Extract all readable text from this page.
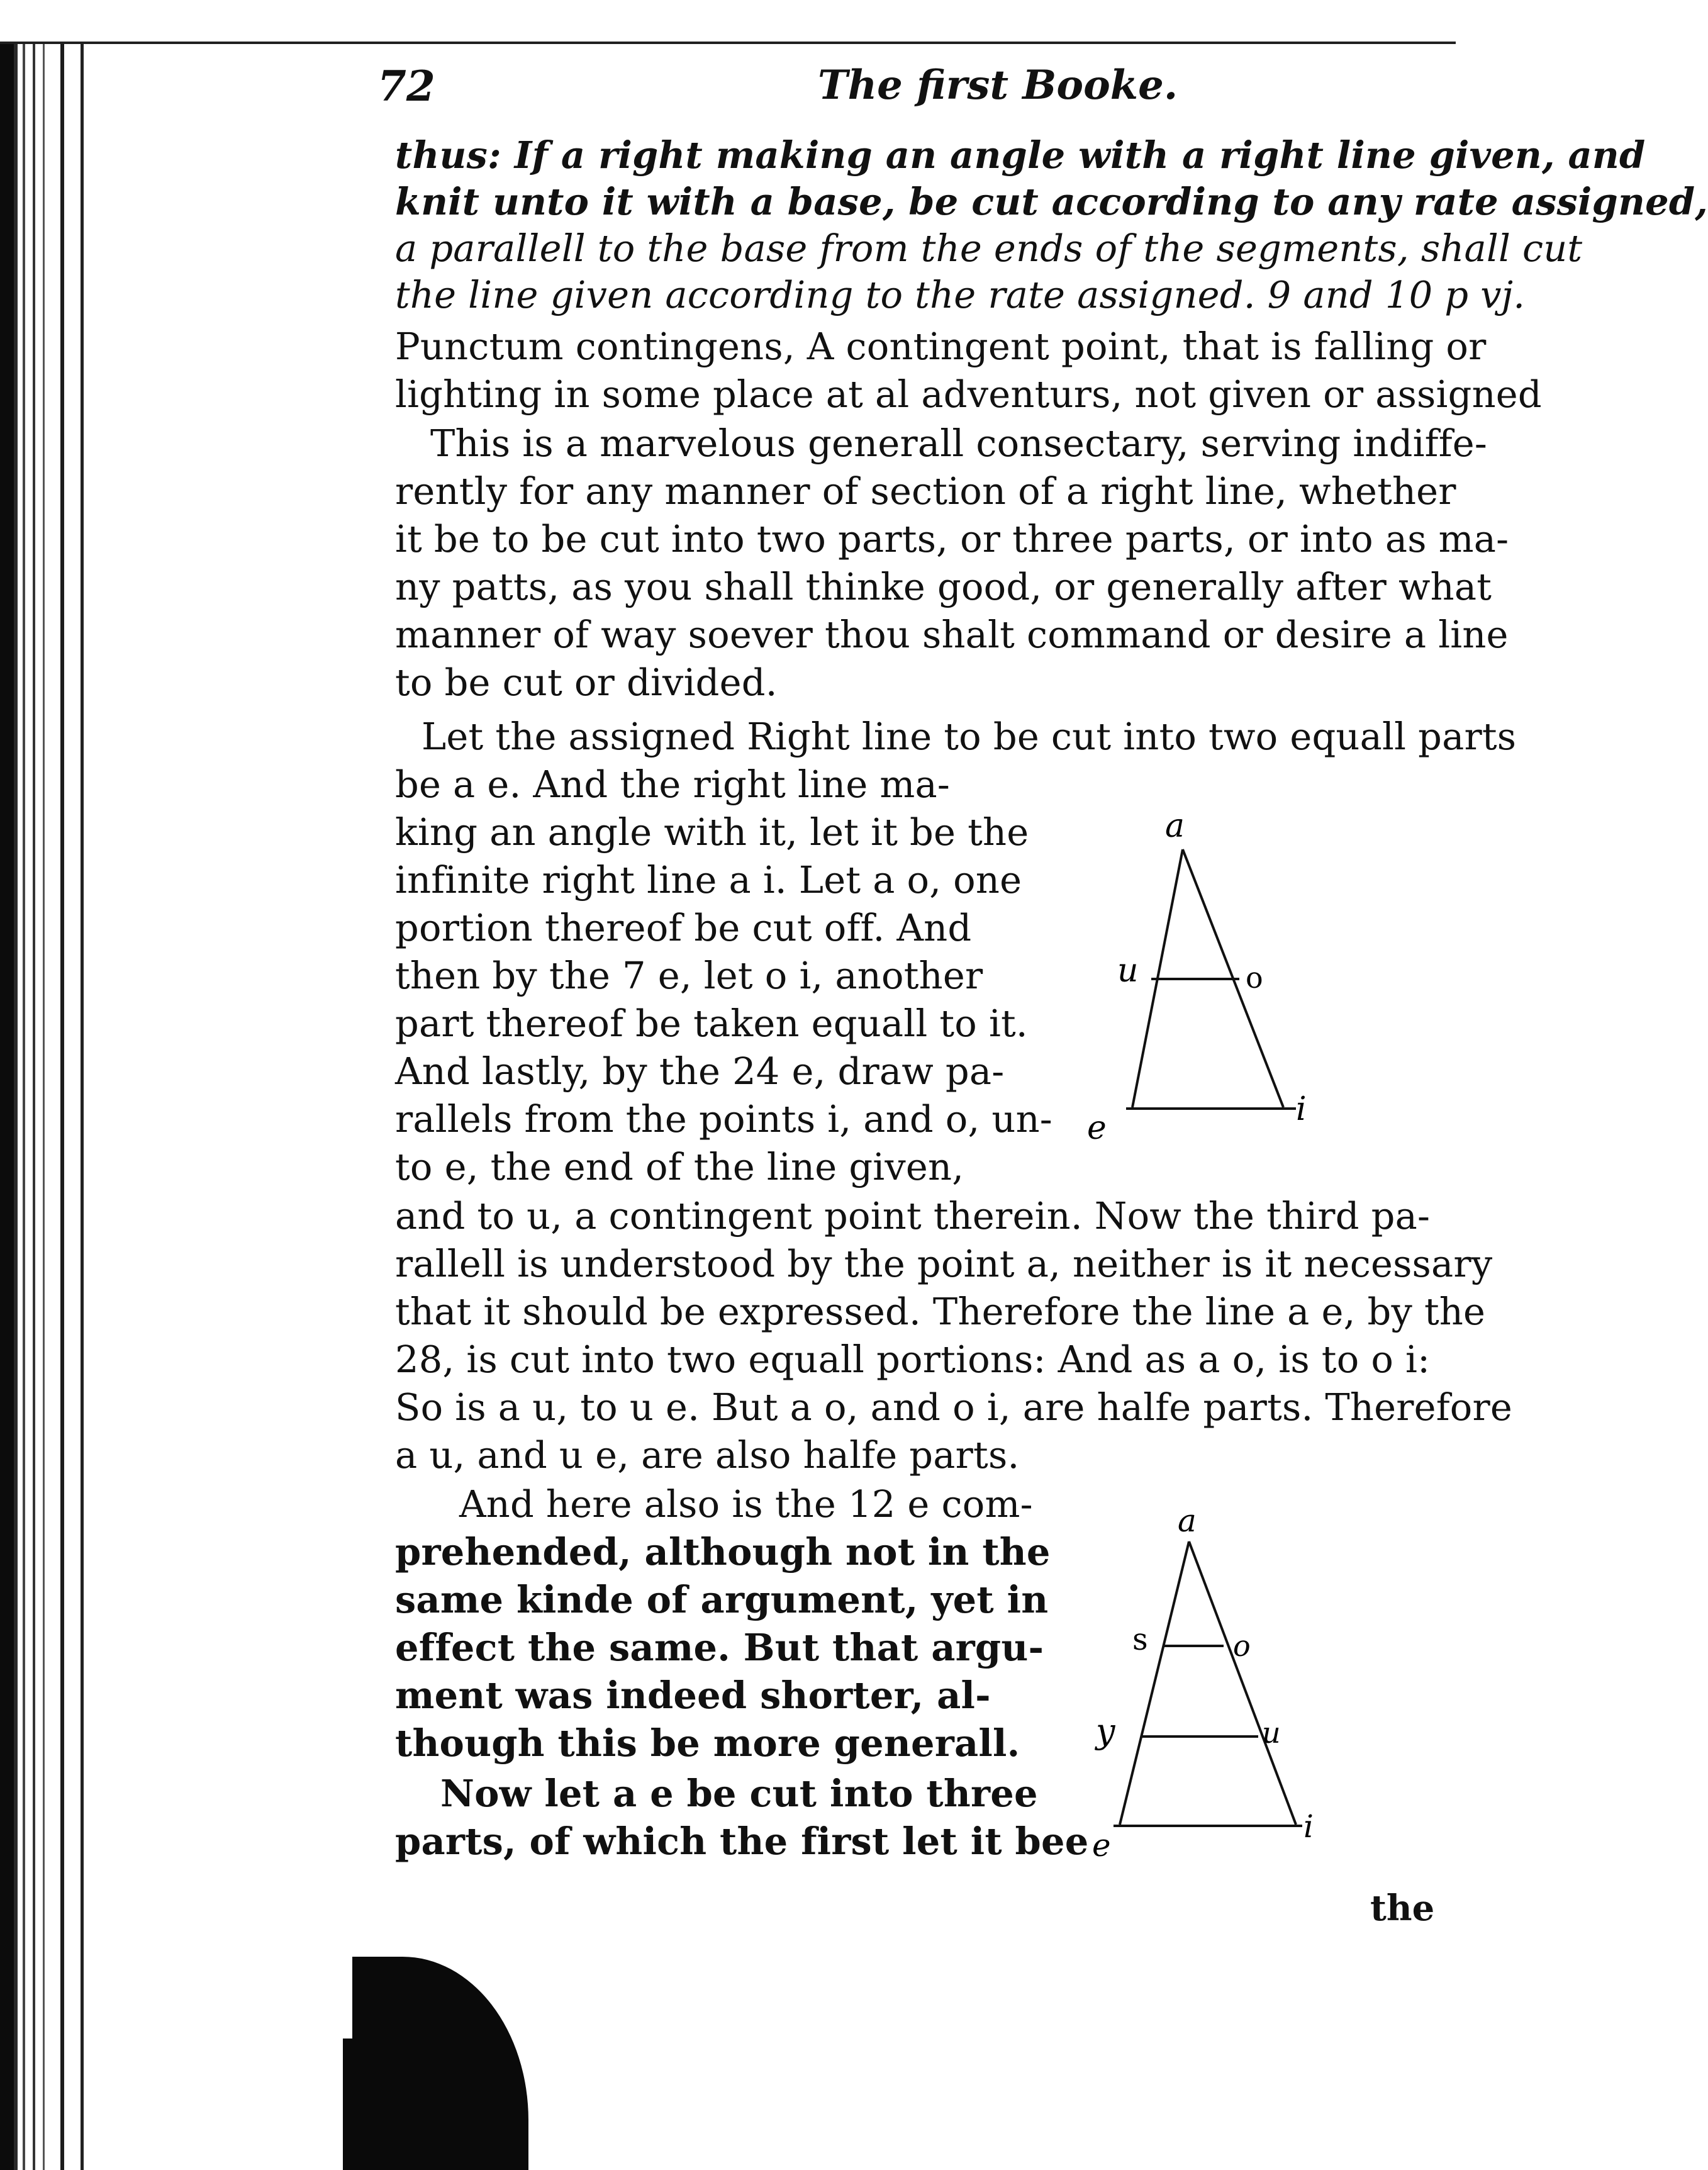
72	The first Booke.
thus: If a right making an angle with a right line given, and
knit unto it with a base, be cut according to any rate assigned,
a parallell to the base from the ends of the segments, shall cut
the line given according to the rate assigned. 9 and 10 p vj.
Punctum contingens, A contingent point, that is falling or
lighting in some place at al adventurs, not given or assigned
This is a marvelous generall consectary, serving indiffe-
rently for any manner of section of a right line, whether
it be to be cut into two parts, or three parts, or into as ma-
ny patts, as you shall thinke good, or generally after what
manner of way soever thou shalt command or desire a line
to be cut or divided.
Let the assigned Right line to be cut into two equall parts
be a e. And the right line ma-
king an angle with it, let it be the
infinite right line a i. Let a o, one
portion thereof be cut off. And
then by the 7 e, let o i, another
part thereof be taken equall to it.
And lastly, by the 24 e, draw pa-
rallels from the points i, and o, un-
to e, the end of the line given,
and to u, a contingent point therein. Now the third pa-
rallell is understood by the point a, neither is it necessary
that it should be expressed. Therefore the line a e, by the
28, is cut into two equall portions: And as a o, is to o i:
So is a u, to u e. But a o, and o i, are halfe parts. Therefore
a u, and u e, are also halfe parts.
And here also is the 12 e com-
prehended, although not in the
same kinde of argument, yet in
effect the same. But that argu-
ment was indeed shorter, al-
though this be more generall.
Now let a e be cut into three
parts, of which the first let it bee
the
a
u	o
e	i
a
s	o
y	u
e
i
